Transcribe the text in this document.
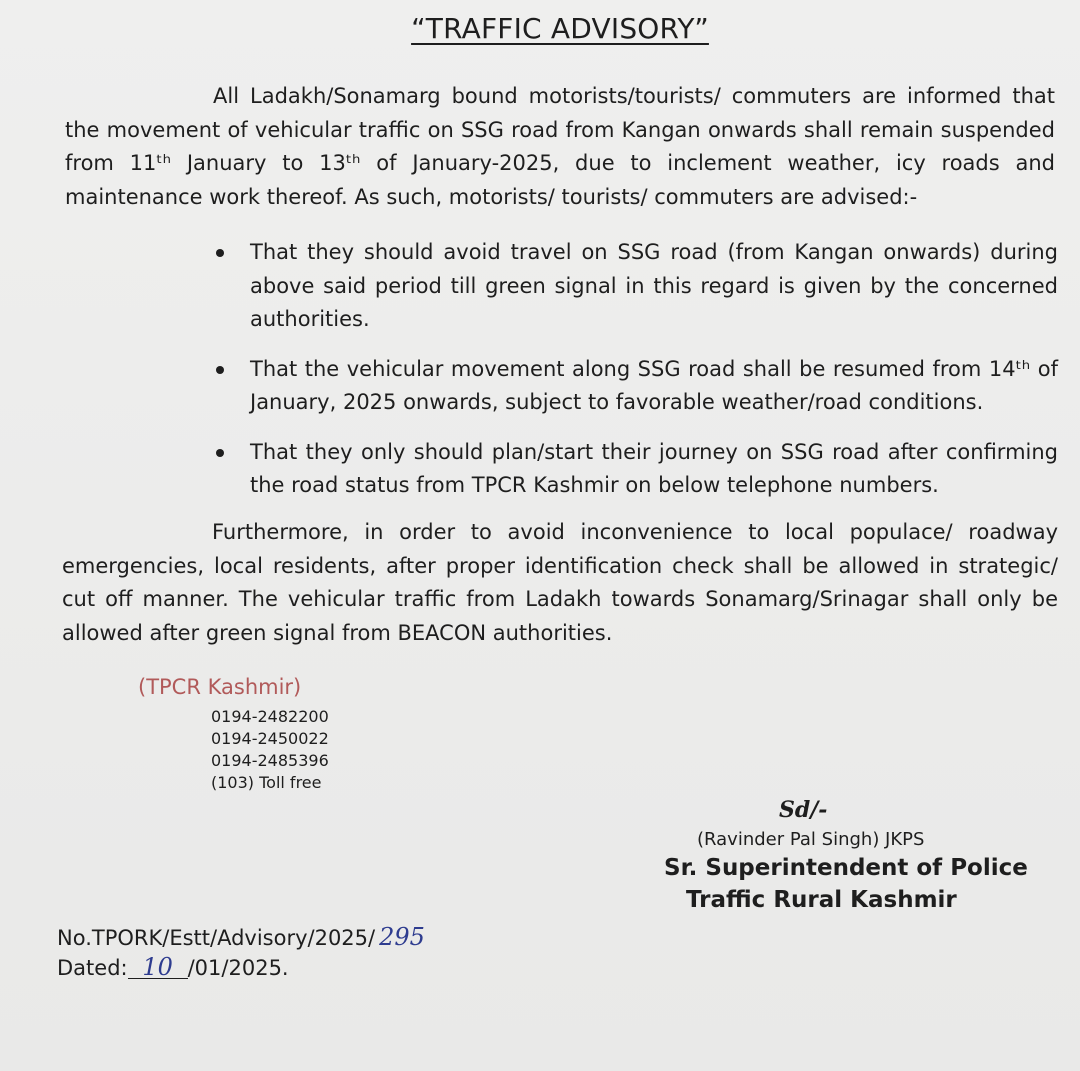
“TRAFFIC ADVISORY”
All Ladakh/Sonamarg bound motorists/tourists/ commuters are informed that the movement of vehicular traffic on SSG road from Kangan onwards shall remain suspended from 11ᵗʰ January to 13ᵗʰ of January-2025, due to inclement weather, icy roads and maintenance work thereof. As such, motorists/ tourists/ commuters are advised:-
That they should avoid travel on SSG road (from Kangan onwards) during above said period till green signal in this regard is given by the concerned authorities.
That the vehicular movement along SSG road shall be resumed from 14ᵗʰ of January, 2025 onwards, subject to favorable weather/road conditions.
That they only should plan/start their journey on SSG road after confirming the road status from TPCR Kashmir on below telephone numbers.
Furthermore, in order to avoid inconvenience to local populace/ roadway emergencies, local residents, after proper identification check shall be allowed in strategic/ cut off manner. The vehicular traffic from Ladakh towards Sonamarg/Srinagar shall only be allowed after green signal from BEACON authorities.
(TPCR Kashmir)
0194-2482200
0194-2450022
0194-2485396
(103) Toll free
Sd/-
(Ravinder Pal Singh) JKPS
Sr. Superintendent of Police
Traffic Rural Kashmir
No.TPORK/Estt/Advisory/2025/ 295
Dated: 10 /01/2025.
